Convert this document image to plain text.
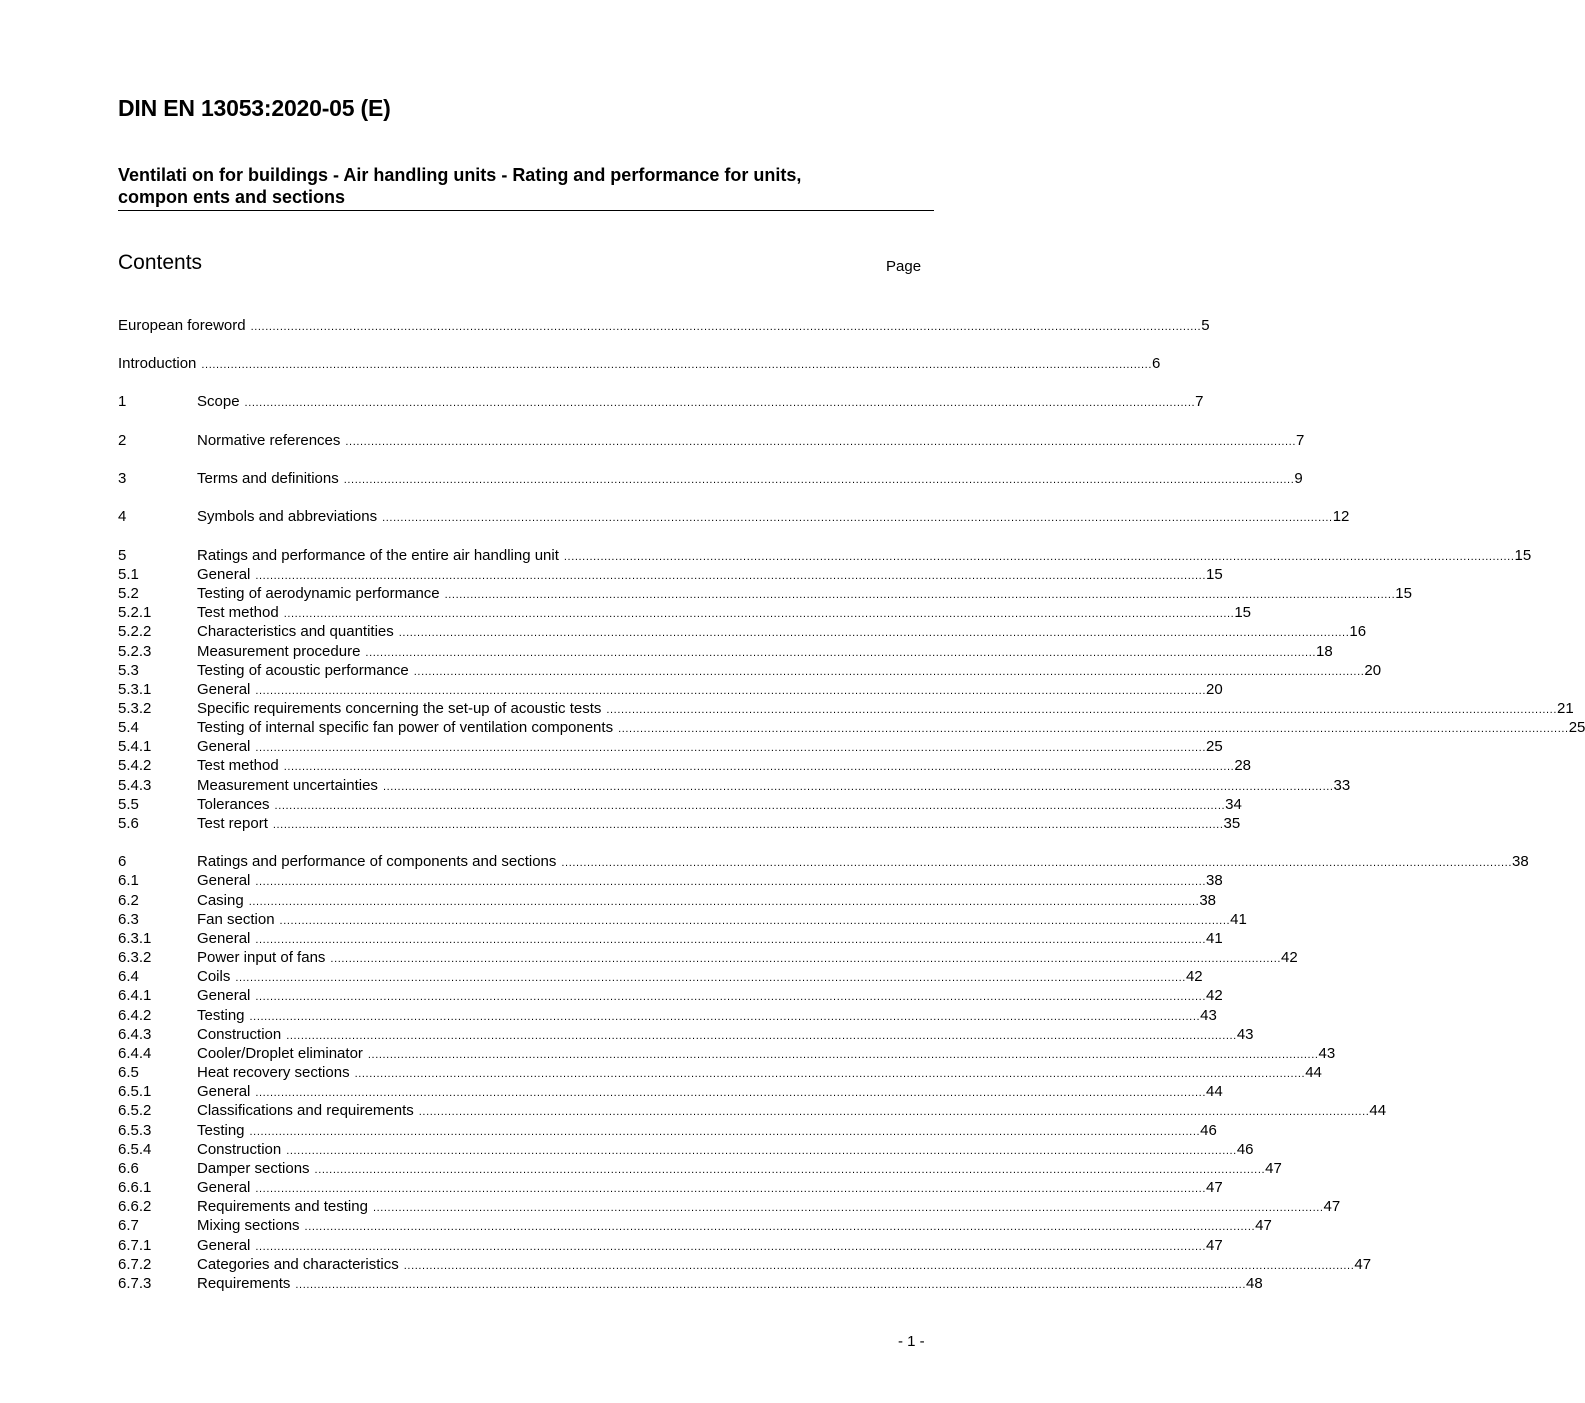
DIN EN 13053:2020-05 (E)
Ventilati on for buildings - Air handling units - Rating and performance for units,
compon ents and sections
Contents	Page
European foreword .................................................................................................................................................................................................................................................................... 5
Introduction .................................................................................................................................................................................................................................................................... 6
1	Scope .................................................................................................................................................................................................................................................................... 7
2	Normative references .................................................................................................................................................................................................................................................................... 7
3	Terms and definitions .................................................................................................................................................................................................................................................................... 9
4	Symbols and abbreviations .................................................................................................................................................................................................................................................................... 12
5	Ratings and performance of the entire air handling unit .................................................................................................................................................................................................................................................................... 15
5.1	General .................................................................................................................................................................................................................................................................... 15
5.2	Testing of aerodynamic performance .................................................................................................................................................................................................................................................................... 15
5.2.1	Test method .................................................................................................................................................................................................................................................................... 15
5.2.2	Characteristics and quantities .................................................................................................................................................................................................................................................................... 16
5.2.3	Measurement procedure .................................................................................................................................................................................................................................................................... 18
5.3	Testing of acoustic performance .................................................................................................................................................................................................................................................................... 20
5.3.1	General .................................................................................................................................................................................................................................................................... 20
5.3.2	Specific requirements concerning the set-up of acoustic tests .................................................................................................................................................................................................................................................................... 21
5.4	Testing of internal specific fan power of ventilation components .................................................................................................................................................................................................................................................................... 25
5.4.1	General .................................................................................................................................................................................................................................................................... 25
5.4.2	Test method .................................................................................................................................................................................................................................................................... 28
5.4.3	Measurement uncertainties .................................................................................................................................................................................................................................................................... 33
5.5	Tolerances .................................................................................................................................................................................................................................................................... 34
5.6	Test report .................................................................................................................................................................................................................................................................... 35
6	Ratings and performance of components and sections .................................................................................................................................................................................................................................................................... 38
6.1	General .................................................................................................................................................................................................................................................................... 38
6.2	Casing .................................................................................................................................................................................................................................................................... 38
6.3	Fan section .................................................................................................................................................................................................................................................................... 41
6.3.1	General .................................................................................................................................................................................................................................................................... 41
6.3.2	Power input of fans .................................................................................................................................................................................................................................................................... 42
6.4	Coils .................................................................................................................................................................................................................................................................... 42
6.4.1	General .................................................................................................................................................................................................................................................................... 42
6.4.2	Testing .................................................................................................................................................................................................................................................................... 43
6.4.3	Construction .................................................................................................................................................................................................................................................................... 43
6.4.4	Cooler/Droplet eliminator .................................................................................................................................................................................................................................................................... 43
6.5	Heat recovery sections .................................................................................................................................................................................................................................................................... 44
6.5.1	General .................................................................................................................................................................................................................................................................... 44
6.5.2	Classifications and requirements .................................................................................................................................................................................................................................................................... 44
6.5.3	Testing .................................................................................................................................................................................................................................................................... 46
6.5.4	Construction .................................................................................................................................................................................................................................................................... 46
6.6	Damper sections .................................................................................................................................................................................................................................................................... 47
6.6.1	General .................................................................................................................................................................................................................................................................... 47
6.6.2	Requirements and testing .................................................................................................................................................................................................................................................................... 47
6.7	Mixing sections .................................................................................................................................................................................................................................................................... 47
6.7.1	General .................................................................................................................................................................................................................................................................... 47
6.7.2	Categories and characteristics .................................................................................................................................................................................................................................................................... 47
6.7.3	Requirements .................................................................................................................................................................................................................................................................... 48
- 1 -
